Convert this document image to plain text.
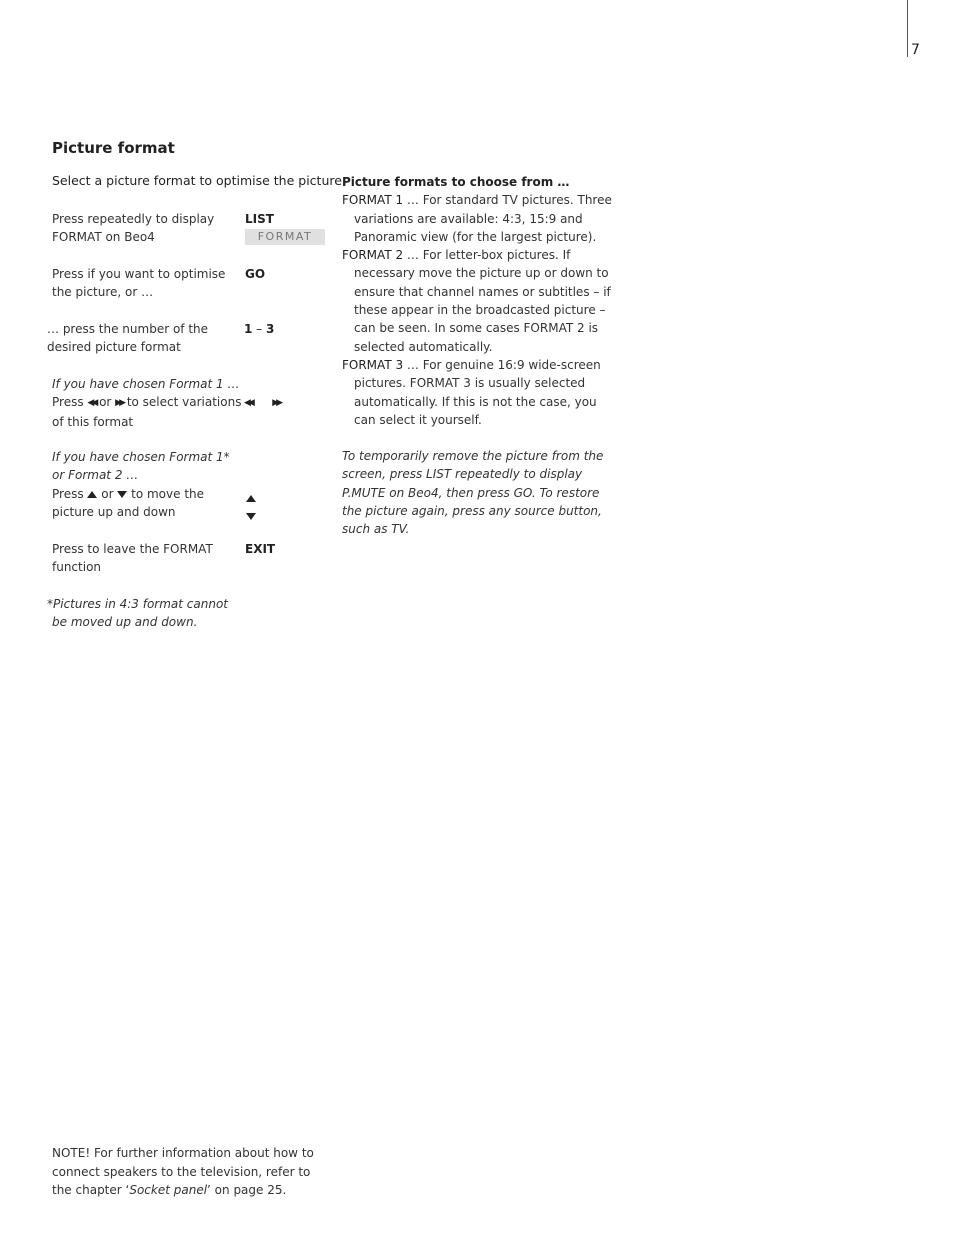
7
Picture format
Select a picture format to optimise the picture.
Press repeatedly to display FORMAT on Beo4
LIST
FORMAT
Press if you want to optimise the picture, or …
GO
… press the number of the desired picture format
1 – 3
If you have chosen Format 1 …
Press ◀◀ or ▶▶ to select variations of this format
◀◀ ▶▶
If you have chosen Format 1*
or Format 2 …
Press  or  to move the picture up and down
Press to leave the FORMAT function
EXIT
*Pictures in 4:3 format cannot be moved up and down.
Picture formats to choose from …
FORMAT 1 … For standard TV pictures. Three variations are available: 4:3, 15:9 and Panoramic view (for the largest picture).
FORMAT 2 … For letter-box pictures. If necessary move the picture up or down to ensure that channel names or subtitles – if these appear in the broadcasted picture – can be seen. In some cases FORMAT 2 is selected automatically.
FORMAT 3 … For genuine 16:9 wide-screen pictures. FORMAT 3 is usually selected automatically. If this is not the case, you can select it yourself.
To temporarily remove the picture from the screen, press LIST repeatedly to display P.MUTE on Beo4, then press GO. To restore the picture again, press any source button, such as TV.
NOTE! For further information about how to connect speakers to the television, refer to the chapter ‘Socket panel’ on page 25.
